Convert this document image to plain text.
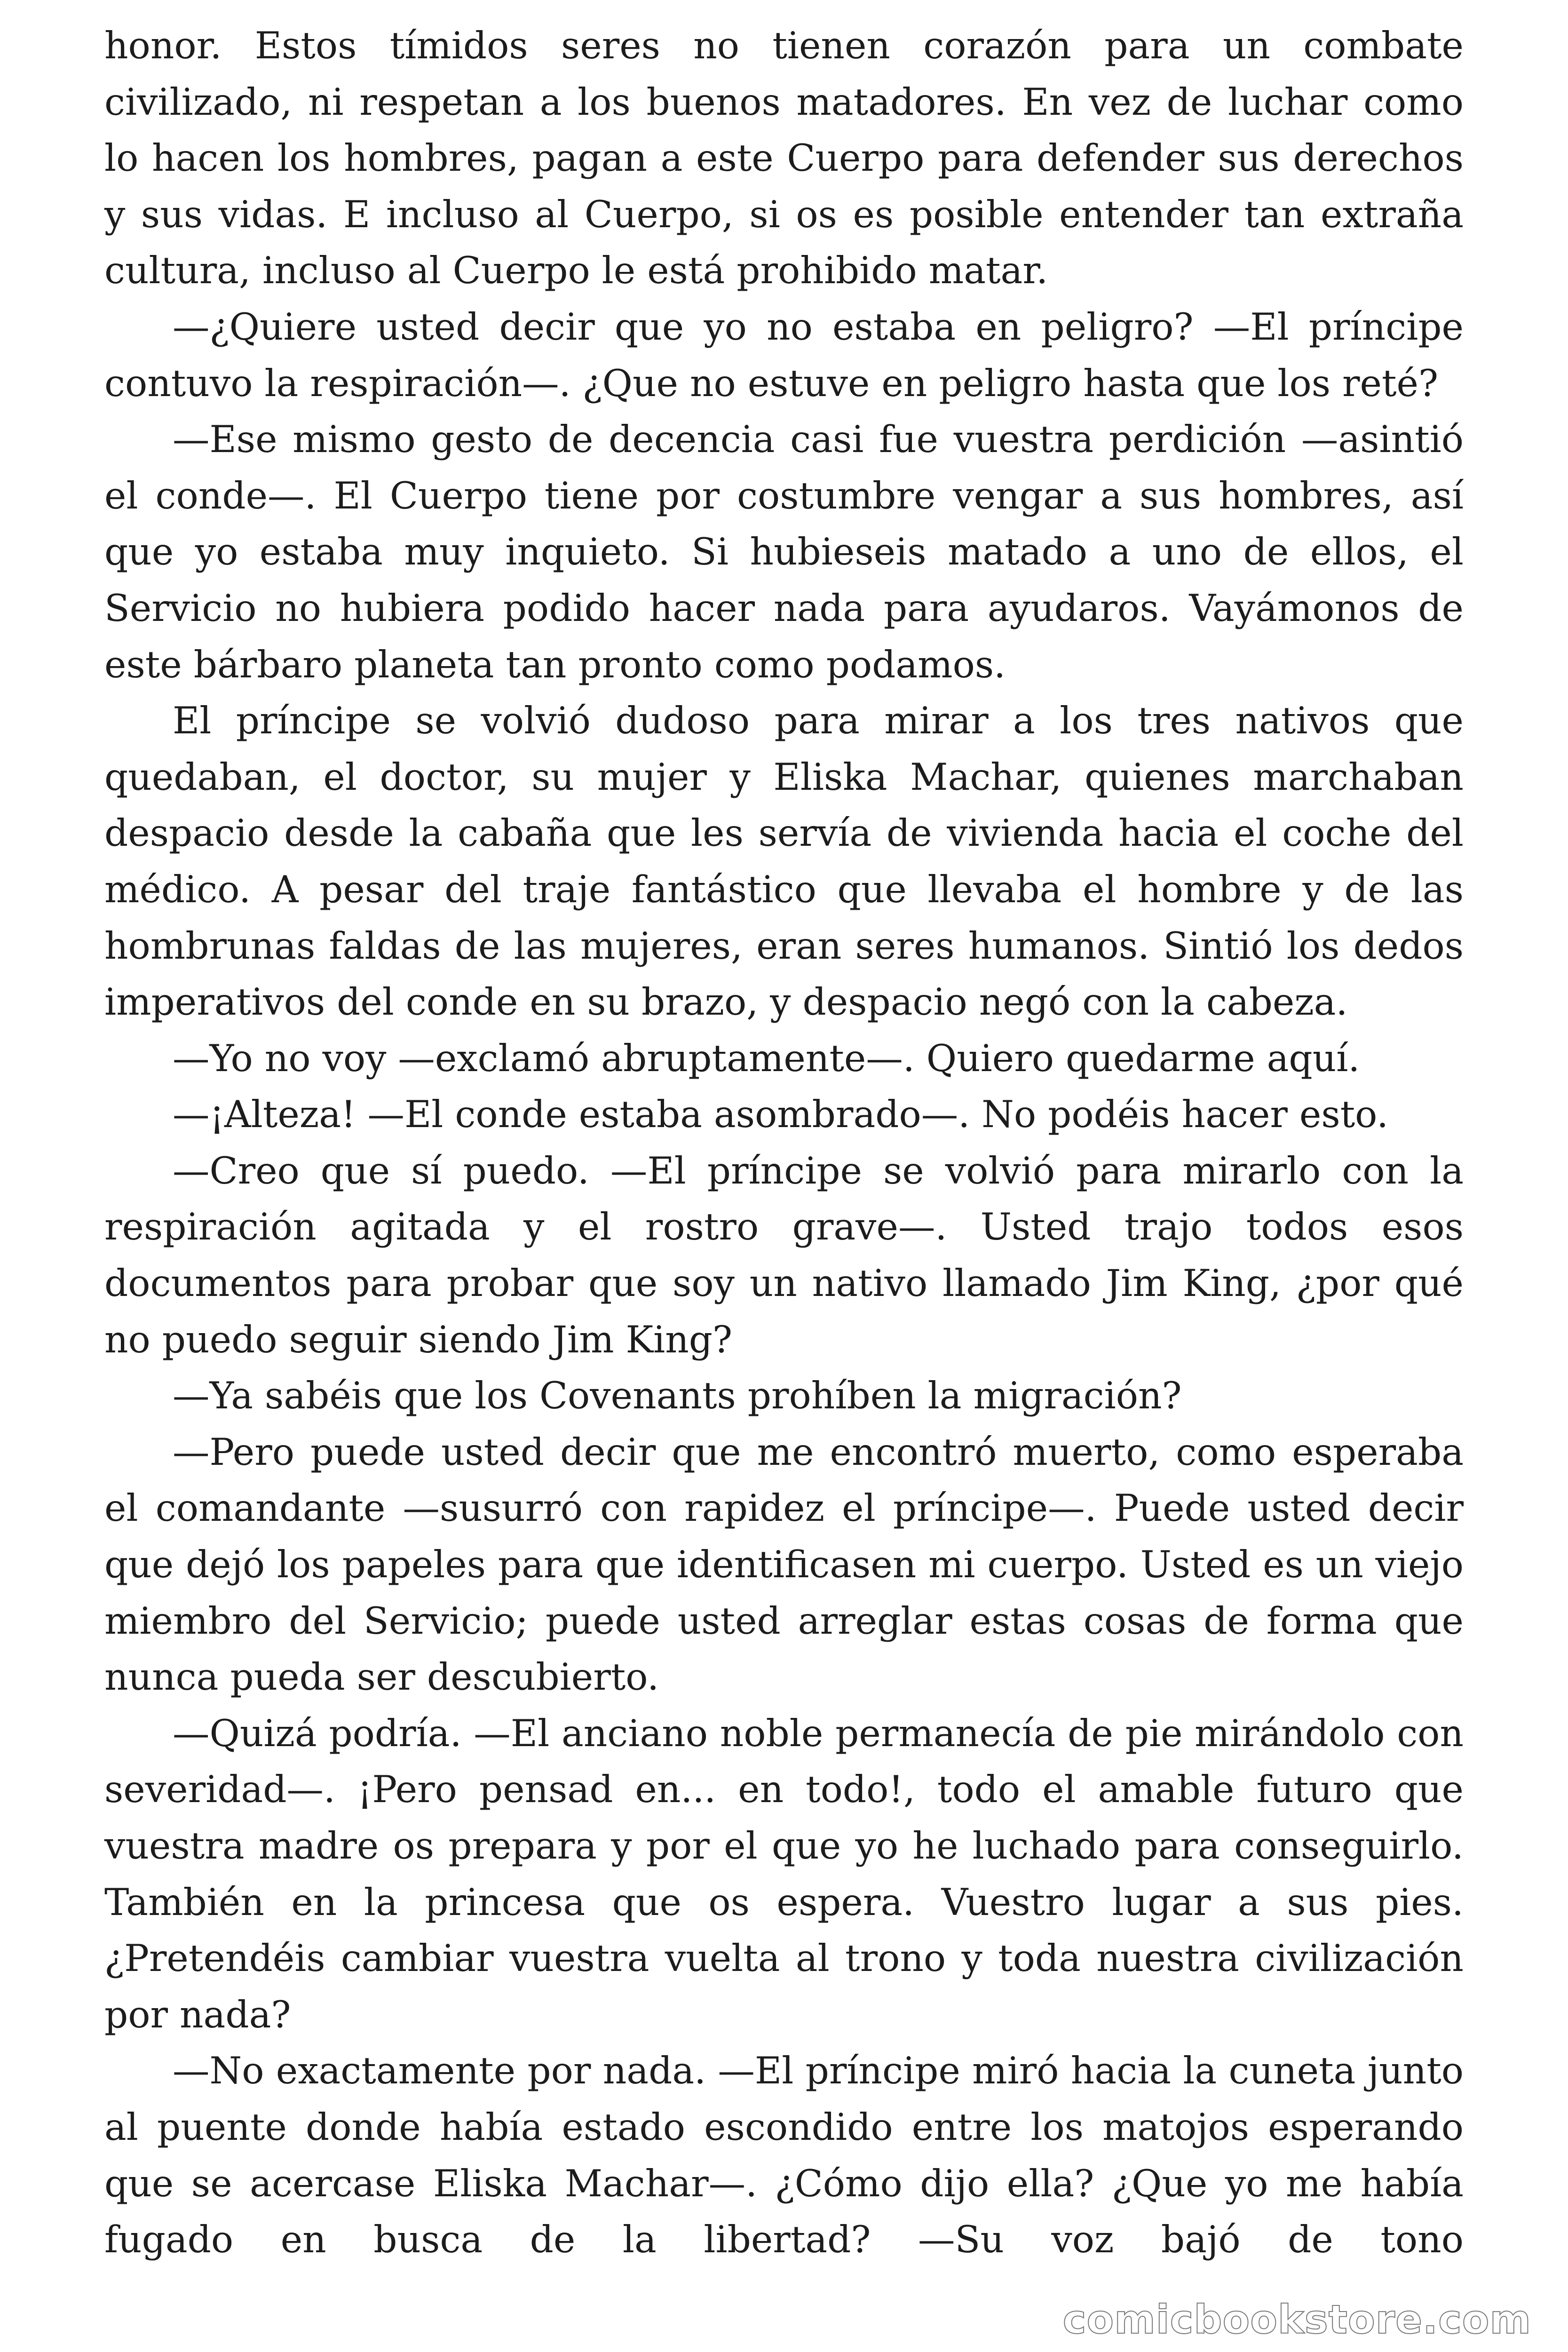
honor. Estos tímidos seres no tienen corazón para un combate civilizado, ni respetan a los buenos matadores. En vez de luchar como lo hacen los hombres, pagan a este Cuerpo para defender sus derechos y sus vidas. E incluso al Cuerpo, si os es posible entender tan extraña cultura, incluso al Cuerpo le está prohibido matar.

—¿Quiere usted decir que yo no estaba en peligro? —El príncipe contuvo la respiración—. ¿Que no estuve en peligro hasta que los reté?

—Ese mismo gesto de decencia casi fue vuestra perdición —asintió el conde—. El Cuerpo tiene por costumbre vengar a sus hombres, así que yo estaba muy inquieto. Si hubieseis matado a uno de ellos, el Servicio no hubiera podido hacer nada para ayudaros. Vayámonos de este bárbaro planeta tan pronto como podamos.

El príncipe se volvió dudoso para mirar a los tres nativos que quedaban, el doctor, su mujer y Eliska Machar, quienes marchaban despacio desde la cabaña que les servía de vivienda hacia el coche del médico. A pesar del traje fantástico que llevaba el hombre y de las hombrunas faldas de las mujeres, eran seres humanos. Sintió los dedos imperativos del conde en su brazo, y despacio negó con la cabeza.

—Yo no voy —exclamó abruptamente—. Quiero quedarme aquí.

—¡Alteza! —El conde estaba asombrado—. No podéis hacer esto.

—Creo que sí puedo. —El príncipe se volvió para mirarlo con la respiración agitada y el rostro grave—. Usted trajo todos esos documentos para probar que soy un nativo llamado Jim King, ¿por qué no puedo seguir siendo Jim King?

—Ya sabéis que los Covenants prohíben la migración?

—Pero puede usted decir que me encontró muerto, como esperaba el comandante —susurró con rapidez el príncipe—. Puede usted decir que dejó los papeles para que identificasen mi cuerpo. Usted es un viejo miembro del Servicio; puede usted arreglar estas cosas de forma que nunca pueda ser descubierto.

—Quizá podría. —El anciano noble permanecía de pie mirándolo con severidad—. ¡Pero pensad en... en todo!, todo el amable futuro que vuestra madre os prepara y por el que yo he luchado para conseguirlo. También en la princesa que os espera. Vuestro lugar a sus pies. ¿Pretendéis cambiar vuestra vuelta al trono y toda nuestra civilización por nada?

—No exactamente por nada. —El príncipe miró hacia la cuneta junto al puente donde había estado escondido entre los matojos esperando que se acercase Eliska Machar—. ¿Cómo dijo ella? ¿Que yo me había fugado en busca de la libertad? —Su voz bajó de tono

comicbookstore.com
